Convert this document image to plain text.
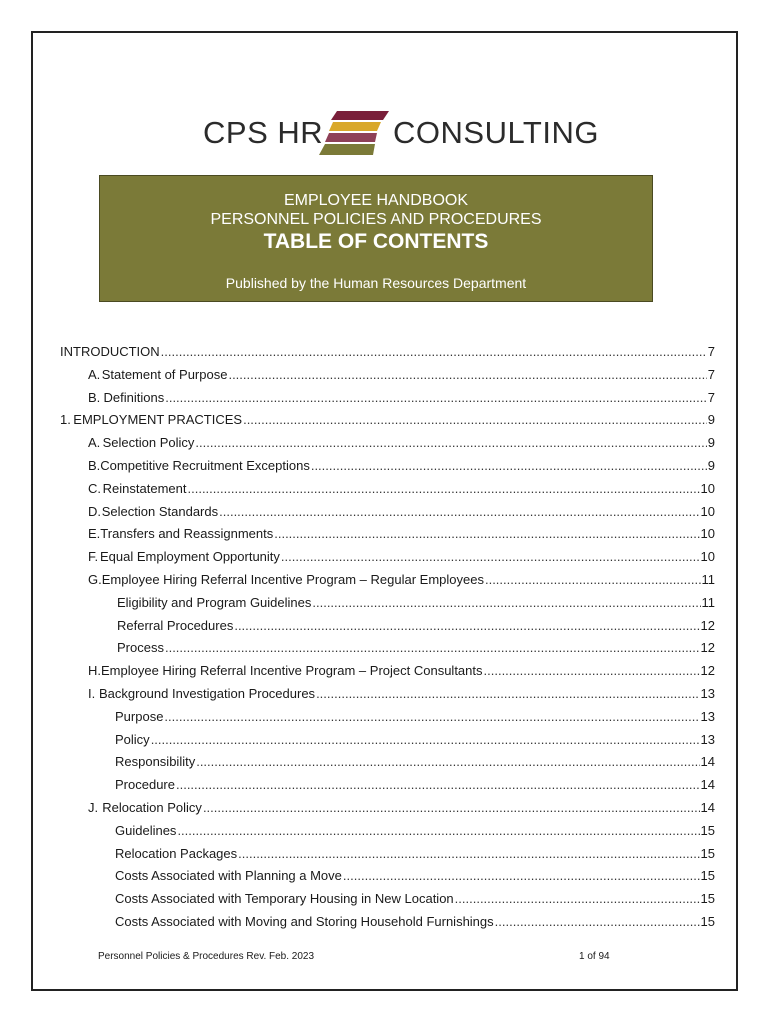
CPS HR CONSULTING
EMPLOYEE HANDBOOK
PERSONNEL POLICIES AND PROCEDURES
TABLE OF CONTENTS
Published by the Human Resources Department
INTRODUCTION .....	7
A. Statement of Purpose .....	7
B. Definitions .....	7
1. EMPLOYMENT PRACTICES .....	9
A. Selection Policy .....	9
B. Competitive Recruitment Exceptions .....	9
C. Reinstatement .....	10
D. Selection Standards .....	10
E. Transfers and Reassignments .....	10
F. Equal Employment Opportunity .....	10
G. Employee Hiring Referral Incentive Program – Regular Employees .....	11
Eligibility and Program Guidelines .....	11
Referral Procedures .....	12
Process .....	12
H. Employee Hiring Referral Incentive Program – Project Consultants .....	12
I. Background Investigation Procedures .....	13
Purpose .....	13
Policy .....	13
Responsibility .....	14
Procedure .....	14
J. Relocation Policy .....	14
Guidelines .....	15
Relocation Packages .....	15
Costs Associated with Planning a Move .....	15
Costs Associated with Temporary Housing in New Location .....	15
Costs Associated with Moving and Storing Household Furnishings .....	15
Personnel Policies & Procedures Rev. Feb. 2023	1 of 94
